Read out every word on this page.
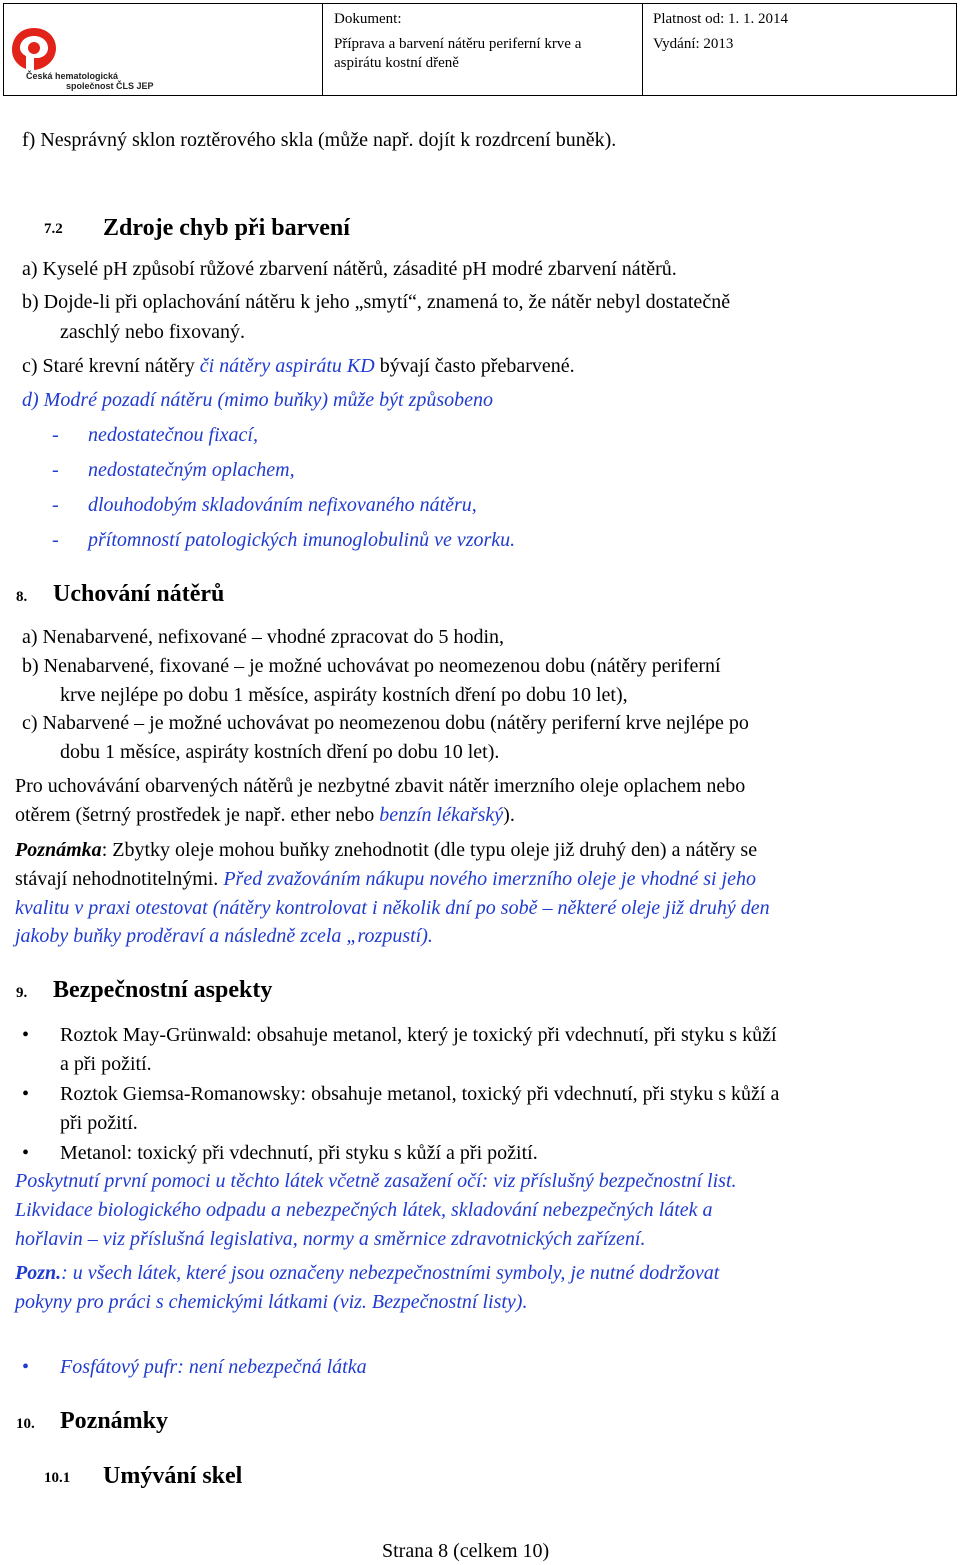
Česká hematologická
společnost ČLS JEP
Dokument:
Příprava a barvení nátěru periferní krve a
aspirátu kostní dřeně
Platnost od: 1. 1. 2014
Vydání: 2013
f) Nesprávný sklon roztěrového skla (může např. dojít k rozdrcení buněk).
7.2 Zdroje chyb při barvení
a) Kyselé pH způsobí růžové zbarvení nátěrů, zásadité pH modré zbarvení nátěrů.
b) Dojde-li při oplachování nátěru k jeho „smytí“, znamená to, že nátěr nebyl dostatečně
zaschlý nebo fixovaný.
c) Staré krevní nátěry či nátěry aspirátu KD bývají často přebarvené.
d) Modré pozadí nátěru (mimo buňky) může být způsobeno
- nedostatečnou fixací,
- nedostatečným oplachem,
- dlouhodobým skladováním nefixovaného nátěru,
- přítomností patologických imunoglobulinů ve vzorku.
8. Uchování nátěrů
a) Nenabarvené, nefixované – vhodné zpracovat do 5 hodin,
b) Nenabarvené, fixované – je možné uchovávat po neomezenou dobu (nátěry periferní
krve nejlépe po dobu 1 měsíce, aspiráty kostních dření po dobu 10 let),
c) Nabarvené – je možné uchovávat po neomezenou dobu (nátěry periferní krve nejlépe po
dobu 1 měsíce, aspiráty kostních dření po dobu 10 let).
Pro uchovávání obarvených nátěrů je nezbytné zbavit nátěr imerzního oleje oplachem nebo
otěrem (šetrný prostředek je např. ether nebo benzín lékařský).
Poznámka: Zbytky oleje mohou buňky znehodnotit (dle typu oleje již druhý den) a nátěry se
stávají nehodnotitelnými. Před zvažováním nákupu nového imerzního oleje je vhodné si jeho
kvalitu v praxi otestovat (nátěry kontrolovat i několik dní po sobě – některé oleje již druhý den
jakoby buňky proděraví a následně zcela „rozpustí).
9. Bezpečnostní aspekty
• Roztok May-Grünwald: obsahuje metanol, který je toxický při vdechnutí, při styku s kůží
a při požití.
• Roztok Giemsa-Romanowsky: obsahuje metanol, toxický při vdechnutí, při styku s kůží a
při požití.
• Metanol: toxický při vdechnutí, při styku s kůží a při požití.
Poskytnutí první pomoci u těchto látek včetně zasažení očí: viz příslušný bezpečnostní list.
Likvidace biologického odpadu a nebezpečných látek, skladování nebezpečných látek a
hořlavin – viz příslušná legislativa, normy a směrnice zdravotnických zařízení.
Pozn.: u všech látek, které jsou označeny nebezpečnostními symboly, je nutné dodržovat
pokyny pro práci s chemickými látkami (viz. Bezpečnostní listy).
• Fosfátový pufr: není nebezpečná látka
10. Poznámky
10.1 Umývání skel
Strana 8 (celkem 10)
